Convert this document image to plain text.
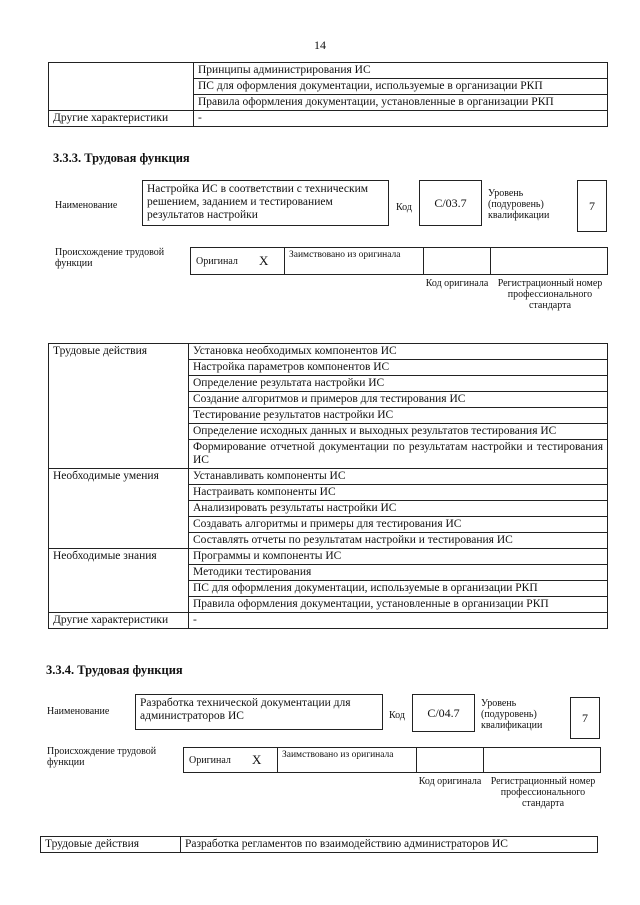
14
	Принципы администрирования ИС
	ПС для оформления документации, используемые в организации РКП
	Правила оформления документации, установленные в организации РКП
Другие характеристики	-
3.3.3. Трудовая функция
Наименование
Настройка ИС в соответствии с техническим решением, заданием и тестированием результатов настройки
Код	C/03.7
Уровень (подуровень) квалификации
7
Происхождение трудовой функции	Оригинал X	Заимствовано из оригинала
Код оригинала Регистрационный номер профессионального стандарта
Трудовые действия	Установка необходимых компонентов ИС
	Настройка параметров компонентов ИС
	Определение результата настройки ИС
	Создание алгоритмов и примеров для тестирования ИС
	Тестирование результатов настройки ИС
	Определение исходных данных и выходных результатов тестирования ИС
	Формирование отчетной документации по результатам настройки и тестирования ИС
Необходимые умения	Устанавливать компоненты ИС
	Настраивать компоненты ИС
	Анализировать результаты настройки ИС
	Создавать алгоритмы и примеры для тестирования ИС
	Составлять отчеты по результатам настройки и тестирования ИС
Необходимые знания	Программы и компоненты ИС
	Методики тестирования
	ПС для оформления документации, используемые в организации РКП
	Правила оформления документации, установленные в организации РКП
Другие характеристики	-
3.3.4. Трудовая функция
Наименование
Разработка технической документации для администраторов ИС	Код	C/04.7
Уровень (подуровень) квалификации
7
Происхождение трудовой функции	Оригинал X	Заимствовано из оригинала
Код оригинала Регистрационный номер профессионального стандарта
Трудовые действия	Разработка регламентов по взаимодействию администраторов ИС
